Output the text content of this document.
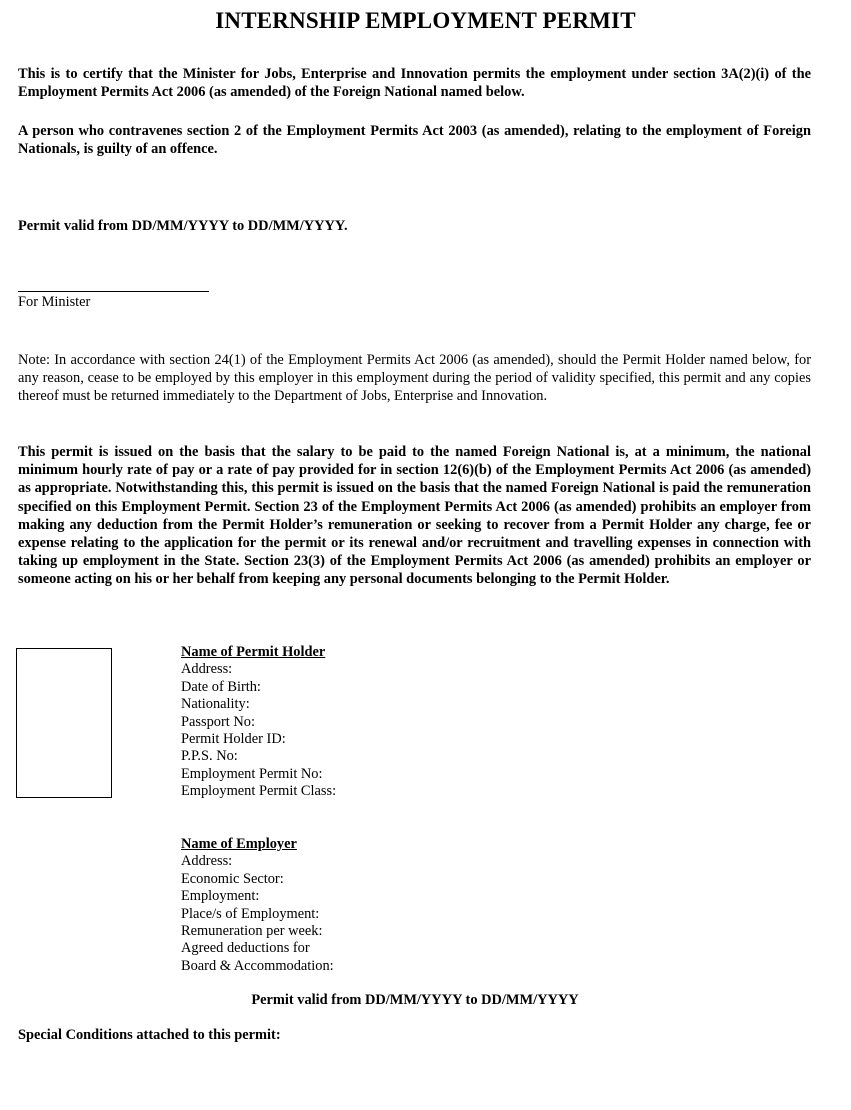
INTERNSHIP EMPLOYMENT PERMIT

This is to certify that the Minister for Jobs, Enterprise and Innovation permits the employment under section 3A(2)(i) of the Employment Permits Act 2006 (as amended) of the Foreign National named below.

A person who contravenes section 2 of the Employment Permits Act 2003 (as amended), relating to the employment of Foreign Nationals, is guilty of an offence.

Permit valid from DD/MM/YYYY to DD/MM/YYYY.

For Minister

Note: In accordance with section 24(1) of the Employment Permits Act 2006 (as amended), should the Permit Holder named below, for any reason, cease to be employed by this employer in this employment during the period of validity specified, this permit and any copies thereof must be returned immediately to the Department of Jobs, Enterprise and Innovation.

This permit is issued on the basis that the salary to be paid to the named Foreign National is, at a minimum, the national minimum hourly rate of pay or a rate of pay provided for in section 12(6)(b) of the Employment Permits Act 2006 (as amended) as appropriate. Notwithstanding this, this permit is issued on the basis that the named Foreign National is paid the remuneration specified on this Employment Permit. Section 23 of the Employment Permits Act 2006 (as amended) prohibits an employer from making any deduction from the Permit Holder’s remuneration or seeking to recover from a Permit Holder any charge, fee or expense relating to the application for the permit or its renewal and/or recruitment and travelling expenses in connection with taking up employment in the State. Section 23(3) of the Employment Permits Act 2006 (as amended) prohibits an employer or someone acting on his or her behalf from keeping any personal documents belonging to the Permit Holder.

Name of Permit Holder
Address:
Date of Birth:
Nationality:
Passport No:
Permit Holder ID:
P.P.S. No:
Employment Permit No:
Employment Permit Class:
Name of Employer
Address:
Economic Sector:
Employment:
Place/s of Employment:
Remuneration per week:
Agreed deductions for
Board & Accommodation:
Permit valid from DD/MM/YYYY to DD/MM/YYYY
Special Conditions attached to this permit:
